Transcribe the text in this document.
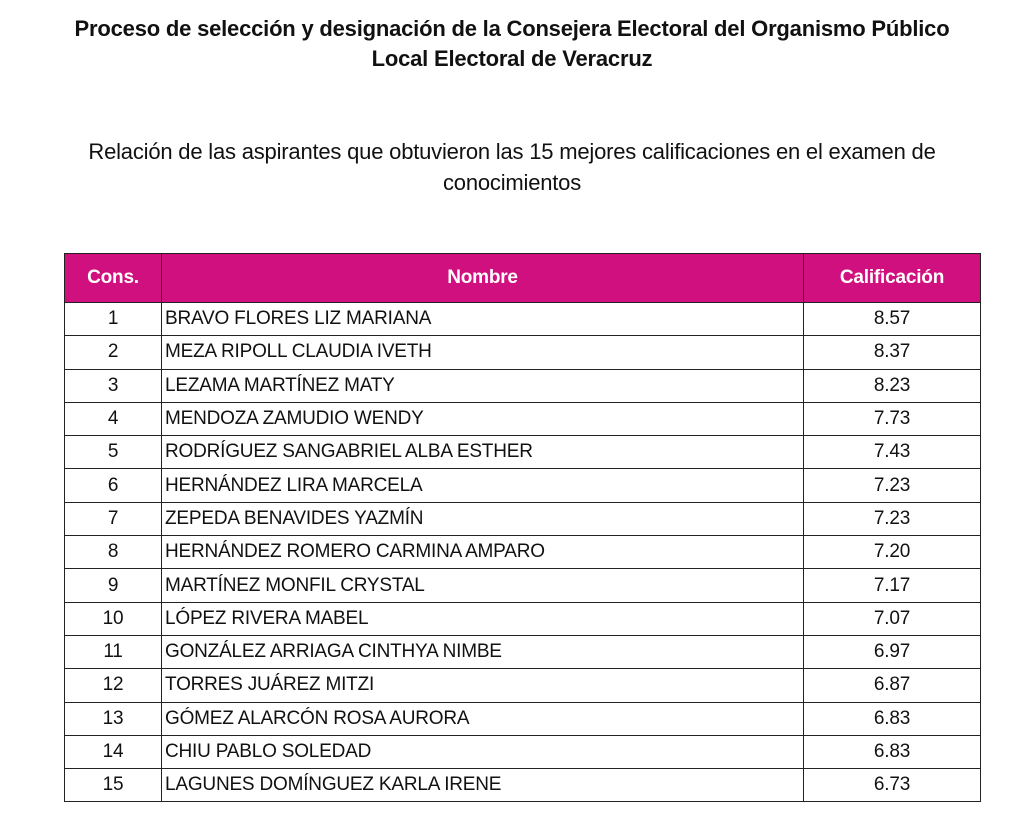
Proceso de selección y designación de la Consejera Electoral del Organismo Público
Local Electoral de Veracruz
Relación de las aspirantes que obtuvieron las 15 mejores calificaciones en el examen de
conocimientos
Cons.	Nombre	Calificación
1	BRAVO FLORES LIZ MARIANA	8.57
2	MEZA RIPOLL CLAUDIA IVETH	8.37
3	LEZAMA MARTÍNEZ MATY	8.23
4	MENDOZA ZAMUDIO WENDY	7.73
5	RODRÍGUEZ SANGABRIEL ALBA ESTHER	7.43
6	HERNÁNDEZ LIRA MARCELA	7.23
7	ZEPEDA BENAVIDES YAZMÍN	7.23
8	HERNÁNDEZ ROMERO CARMINA AMPARO	7.20
9	MARTÍNEZ MONFIL CRYSTAL	7.17
10	LÓPEZ RIVERA MABEL	7.07
11	GONZÁLEZ ARRIAGA CINTHYA NIMBE	6.97
12	TORRES JUÁREZ MITZI	6.87
13	GÓMEZ ALARCÓN ROSA AURORA	6.83
14	CHIU PABLO SOLEDAD	6.83
15	LAGUNES DOMÍNGUEZ KARLA IRENE	6.73
